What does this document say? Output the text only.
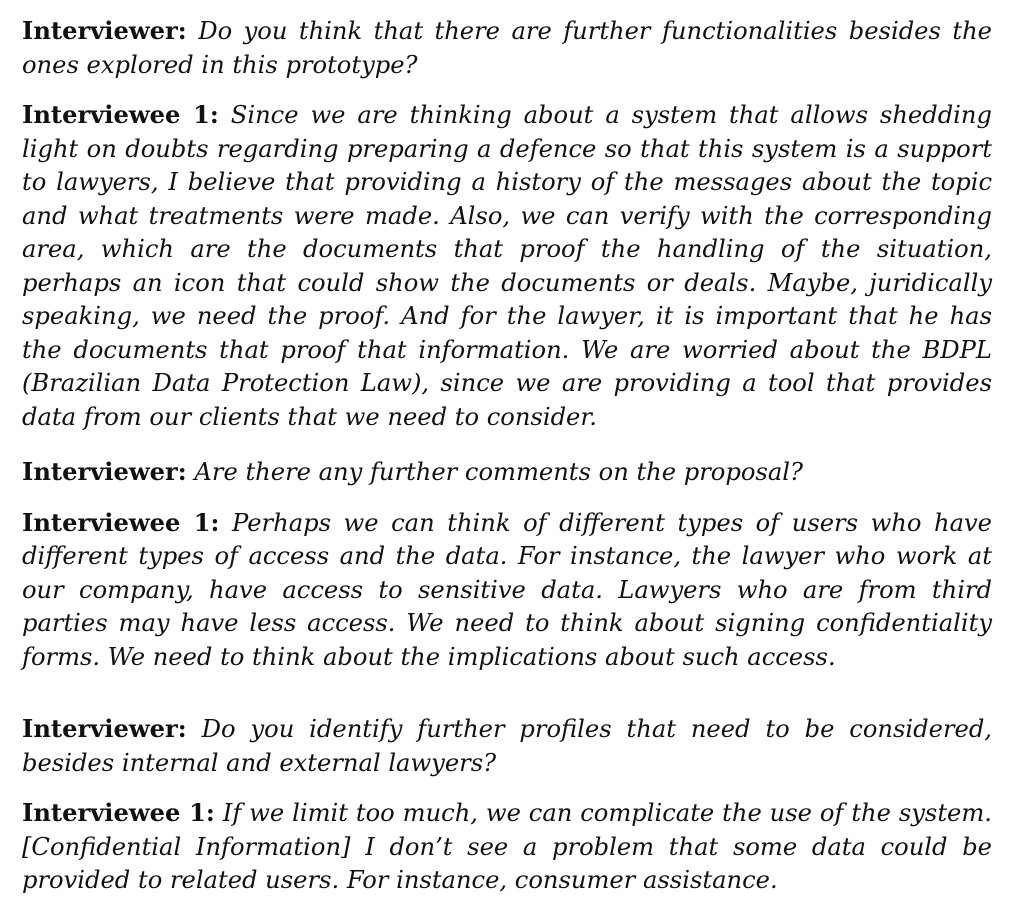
Interviewer: Do you think that there are further functionalities besides the ones explored in this prototype?

Interviewee 1: Since we are thinking about a system that allows shedding light on doubts regarding preparing a defence so that this system is a support to lawyers, I believe that providing a history of the messages about the topic and what treatments were made. Also, we can verify with the corresponding area, which are the documents that proof the handling of the situation, perhaps an icon that could show the documents or deals. Maybe, juridically speaking, we need the proof. And for the lawyer, it is important that he has the documents that proof that information. We are worried about the BDPL (Brazilian Data Protection Law), since we are providing a tool that provides data from our clients that we need to consider.

Interviewer: Are there any further comments on the proposal?

Interviewee 1: Perhaps we can think of different types of users who have different types of access and the data. For instance, the lawyer who work at our company, have access to sensitive data. Lawyers who are from third parties may have less access. We need to think about signing confidentiality forms. We need to think about the implications about such access.

Interviewer: Do you identify further profiles that need to be considered, besides internal and external lawyers?

Interviewee 1: If we limit too much, we can complicate the use of the system. [Confidential Information] I don’t see a problem that some data could be provided to related users. For instance, consumer assistance.
